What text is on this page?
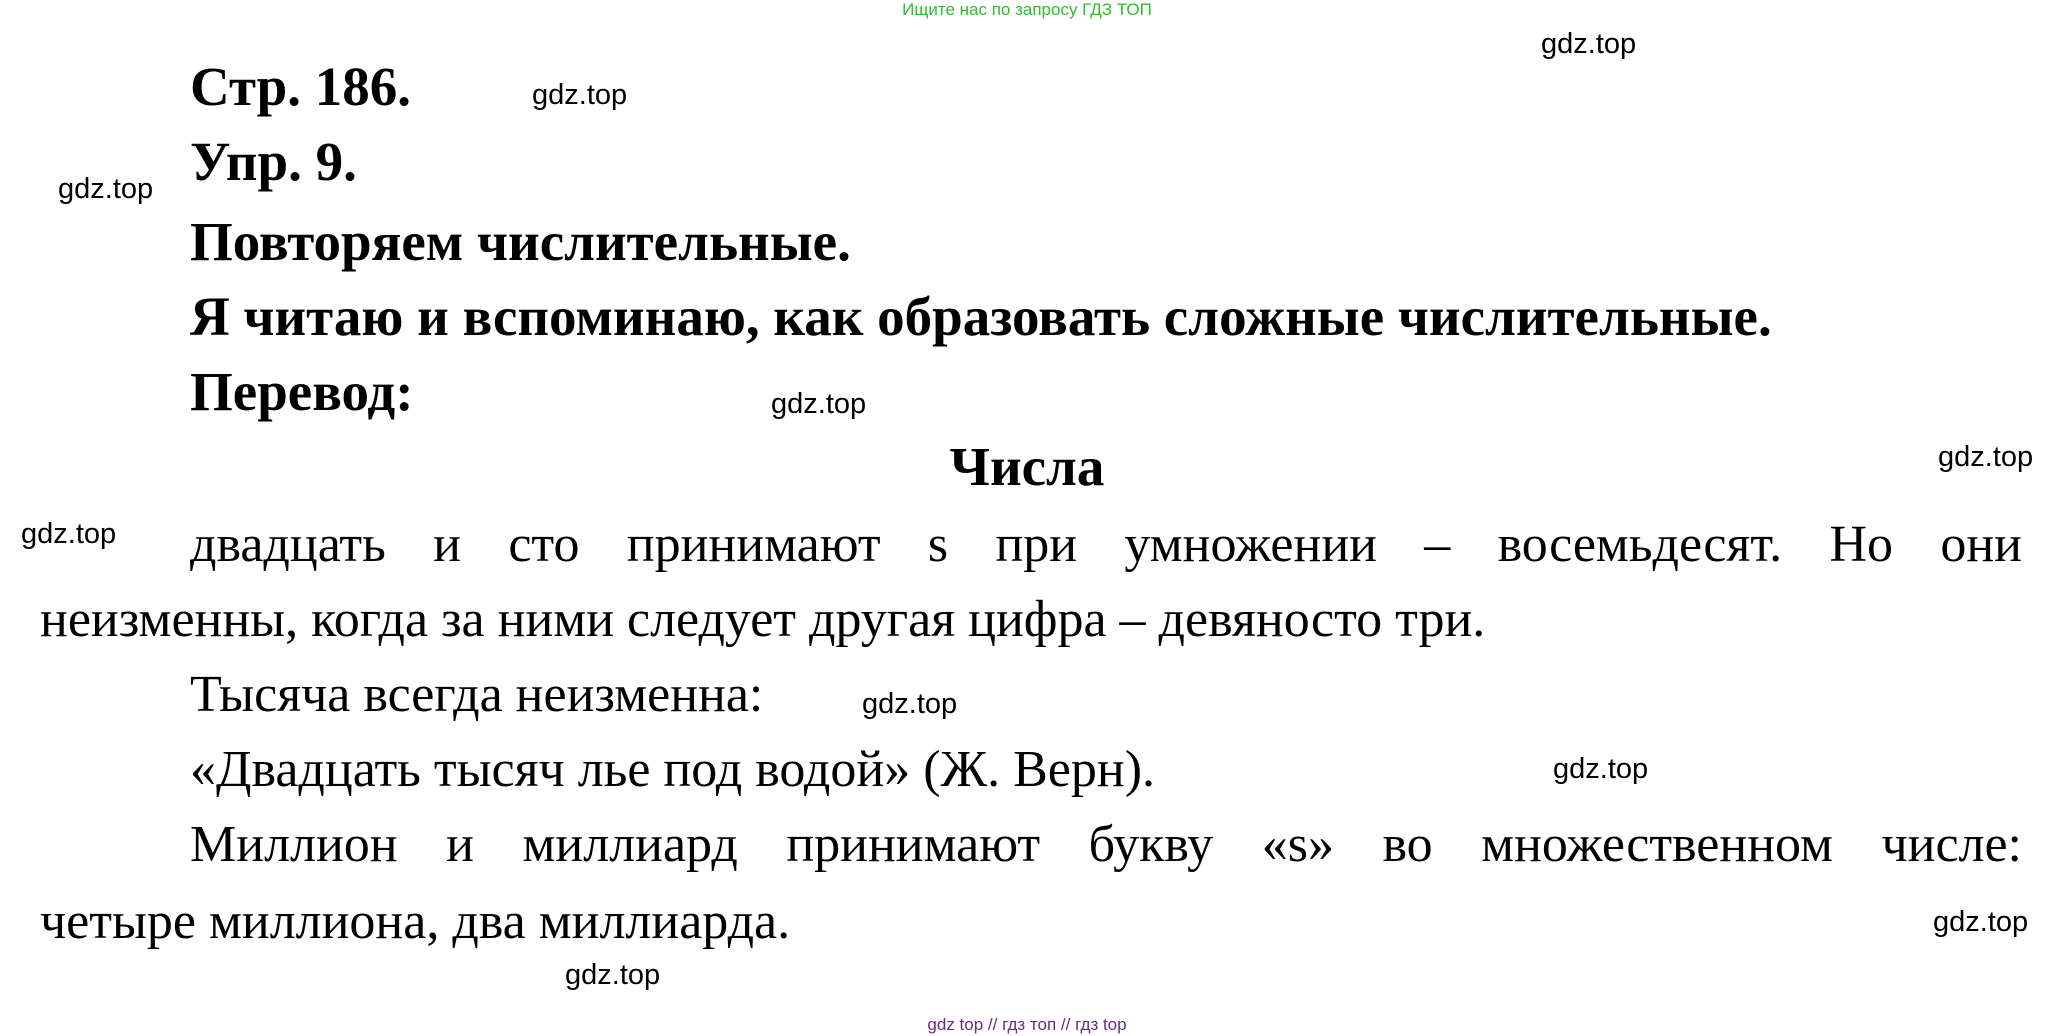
Ищите нас по запросу ГДЗ ТОП
Стр. 186.
Упр. 9.
Повторяем числительные.
Я читаю и вспоминаю, как образовать сложные числительные.
Перевод:
Числа
двадцать и сто принимают s при умножении – восемьдесят. Но они
неизменны, когда за ними следует другая цифра – девяносто три.
Тысяча всегда неизменна:
«Двадцать тысяч лье под водой» (Ж. Верн).
Миллион и миллиард принимают букву «s» во множественном числе:
четыре миллиона, два миллиарда.
gdz.top
gdz.top
gdz.top
gdz.top
gdz.top
gdz.top
gdz.top
gdz.top
gdz.top
gdz.top
gdz top // гдз топ // гдз top
